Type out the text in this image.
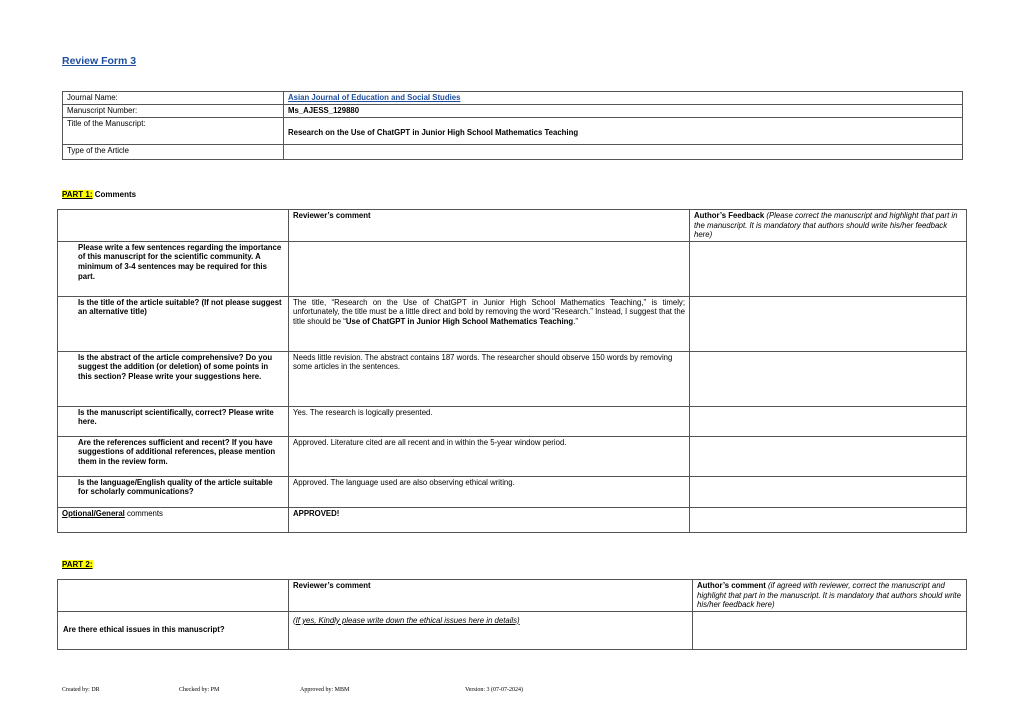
Review Form 3
Journal Name:	Asian Journal of Education and Social Studies
Manuscript Number:	Ms_AJESS_129880
Title of the Manuscript:	Research on the Use of ChatGPT in Junior High School Mathematics Teaching
Type of the Article	
PART 1: Comments
	Reviewer’s comment	Author’s Feedback (Please correct the manuscript and highlight that part in the manuscript. It is mandatory that authors should write his/her feedback here)
Please write a few sentences regarding the importance of this manuscript for the scientific community. A minimum of 3-4 sentences may be required for this part.		
Is the title of the article suitable? (If not please suggest an alternative title)	The title, “Research on the Use of ChatGPT in Junior High School Mathematics Teaching,” is timely; unfortunately, the title must be a little direct and bold by removing the word “Research.” Instead, I suggest that the title should be “Use of ChatGPT in Junior High School Mathematics Teaching.”	
Is the abstract of the article comprehensive? Do you suggest the addition (or deletion) of some points in this section? Please write your suggestions here.	Needs little revision. The abstract contains 187 words. The researcher should observe 150 words by removing some articles in the sentences.	
Is the manuscript scientifically, correct? Please write here.	Yes. The research is logically presented.	
Are the references sufficient and recent? If you have suggestions of additional references, please mention them in the review form.	Approved. Literature cited are all recent and in within the 5-year window period.	
Is the language/English quality of the article suitable for scholarly communications?	Approved. The language used are also observing ethical writing.	
Optional/General comments	APPROVED!	
PART 2:
	Reviewer’s comment	Author’s comment (if agreed with reviewer, correct the manuscript and highlight that part in the manuscript. It is mandatory that authors should write his/her feedback here)
Are there ethical issues in this manuscript?	(If yes, Kindly please write down the ethical issues here in details)	
Created by: DR	Checked by: PM	Approved by: MBM	Version: 3 (07-07-2024)
